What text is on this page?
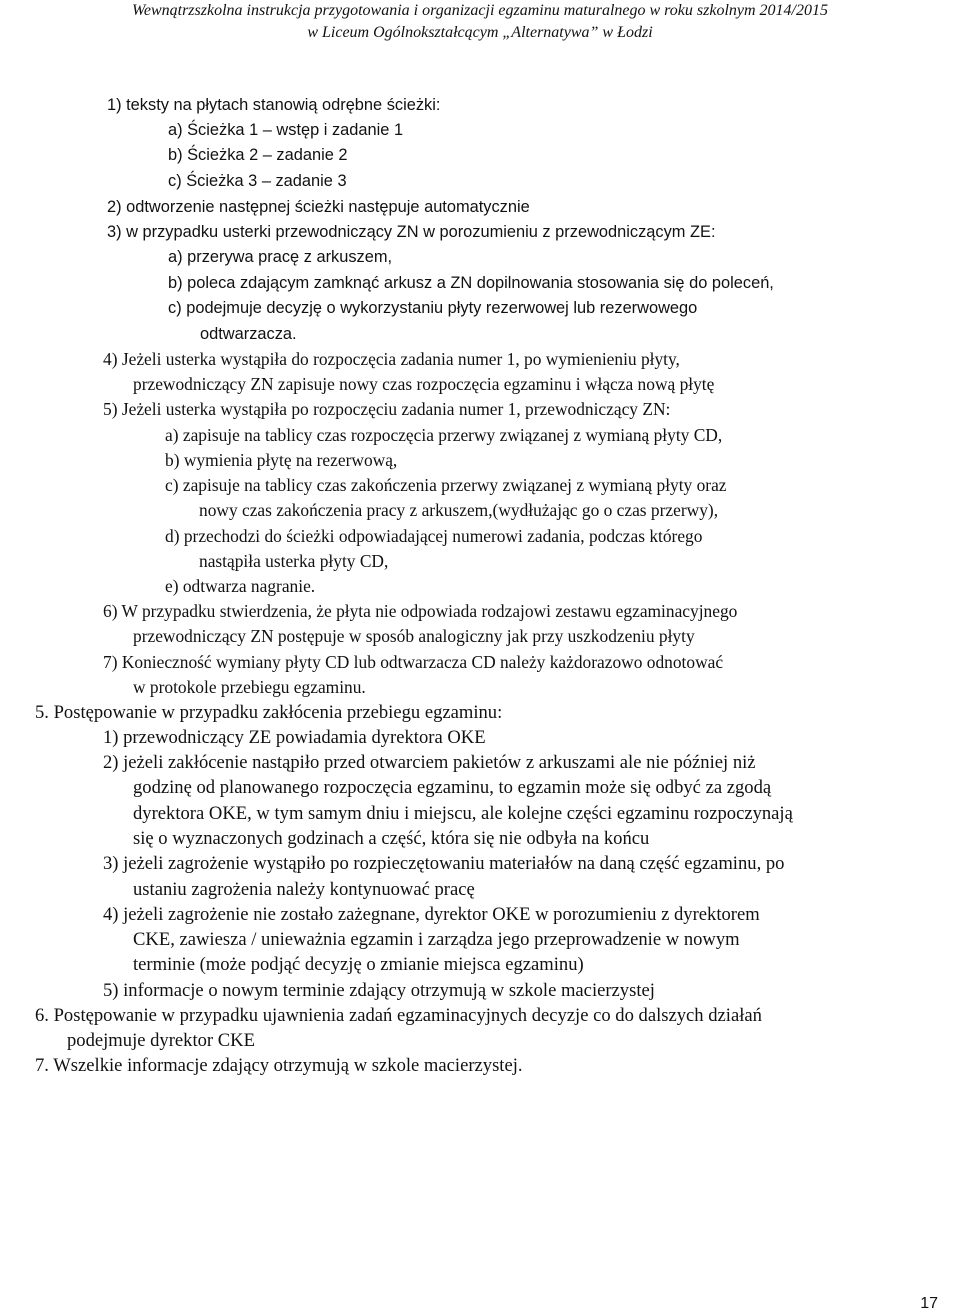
Wewnątrzszkolna instrukcja przygotowania i organizacji egzaminu maturalnego w roku szkolnym 2014/2015
w Liceum Ogólnokształcącym „Alternatywa” w Łodzi
1) teksty na płytach stanowią odrębne ścieżki:
a) Ścieżka 1 – wstęp i zadanie 1
b) Ścieżka 2 – zadanie 2
c) Ścieżka 3 – zadanie 3
2) odtworzenie następnej ścieżki następuje automatycznie
3) w przypadku usterki przewodniczący ZN w porozumieniu z przewodniczącym ZE:
a) przerywa pracę z arkuszem,
b) poleca zdającym zamknąć arkusz a ZN dopilnowania stosowania się do poleceń,
c) podejmuje decyzję o wykorzystaniu płyty rezerwowej lub rezerwowego
odtwarzacza.
4) Jeżeli usterka wystąpiła do rozpoczęcia zadania numer 1, po wymienieniu płyty,
przewodniczący ZN zapisuje nowy czas rozpoczęcia egzaminu i włącza nową płytę
5) Jeżeli usterka wystąpiła po rozpoczęciu zadania numer 1, przewodniczący ZN:
a) zapisuje na tablicy czas rozpoczęcia przerwy związanej z wymianą płyty CD,
b) wymienia płytę na rezerwową,
c) zapisuje na tablicy czas zakończenia przerwy związanej z wymianą płyty oraz
nowy czas zakończenia pracy z arkuszem,(wydłużając go o czas przerwy),
d) przechodzi do ścieżki odpowiadającej numerowi zadania, podczas którego
nastąpiła usterka płyty CD,
e) odtwarza nagranie.
6) W przypadku stwierdzenia, że płyta nie odpowiada rodzajowi zestawu egzaminacyjnego
przewodniczący ZN postępuje w sposób analogiczny jak przy uszkodzeniu płyty
7) Konieczność wymiany płyty CD lub odtwarzacza CD należy każdorazowo odnotować
w protokole przebiegu egzaminu.
5. Postępowanie w przypadku zakłócenia przebiegu egzaminu:
1) przewodniczący ZE powiadamia dyrektora OKE
2) jeżeli zakłócenie nastąpiło przed otwarciem pakietów z arkuszami ale nie później niż
godzinę od planowanego rozpoczęcia egzaminu, to egzamin może się odbyć za zgodą
dyrektora OKE, w tym samym dniu i miejscu, ale kolejne części egzaminu rozpoczynają
się o wyznaczonych godzinach a część, która się nie odbyła na końcu
3) jeżeli zagrożenie wystąpiło po rozpieczętowaniu materiałów na daną część egzaminu, po
ustaniu zagrożenia należy kontynuować pracę
4) jeżeli zagrożenie nie zostało zażegnane, dyrektor OKE w porozumieniu z dyrektorem
CKE, zawiesza / unieważnia egzamin i zarządza jego przeprowadzenie w nowym
terminie (może podjąć decyzję o zmianie miejsca egzaminu)
5) informacje o nowym terminie zdający otrzymują w szkole macierzystej
6. Postępowanie w przypadku ujawnienia zadań egzaminacyjnych decyzje co do dalszych działań
podejmuje dyrektor CKE
7. Wszelkie informacje zdający otrzymują w szkole macierzystej.
17
